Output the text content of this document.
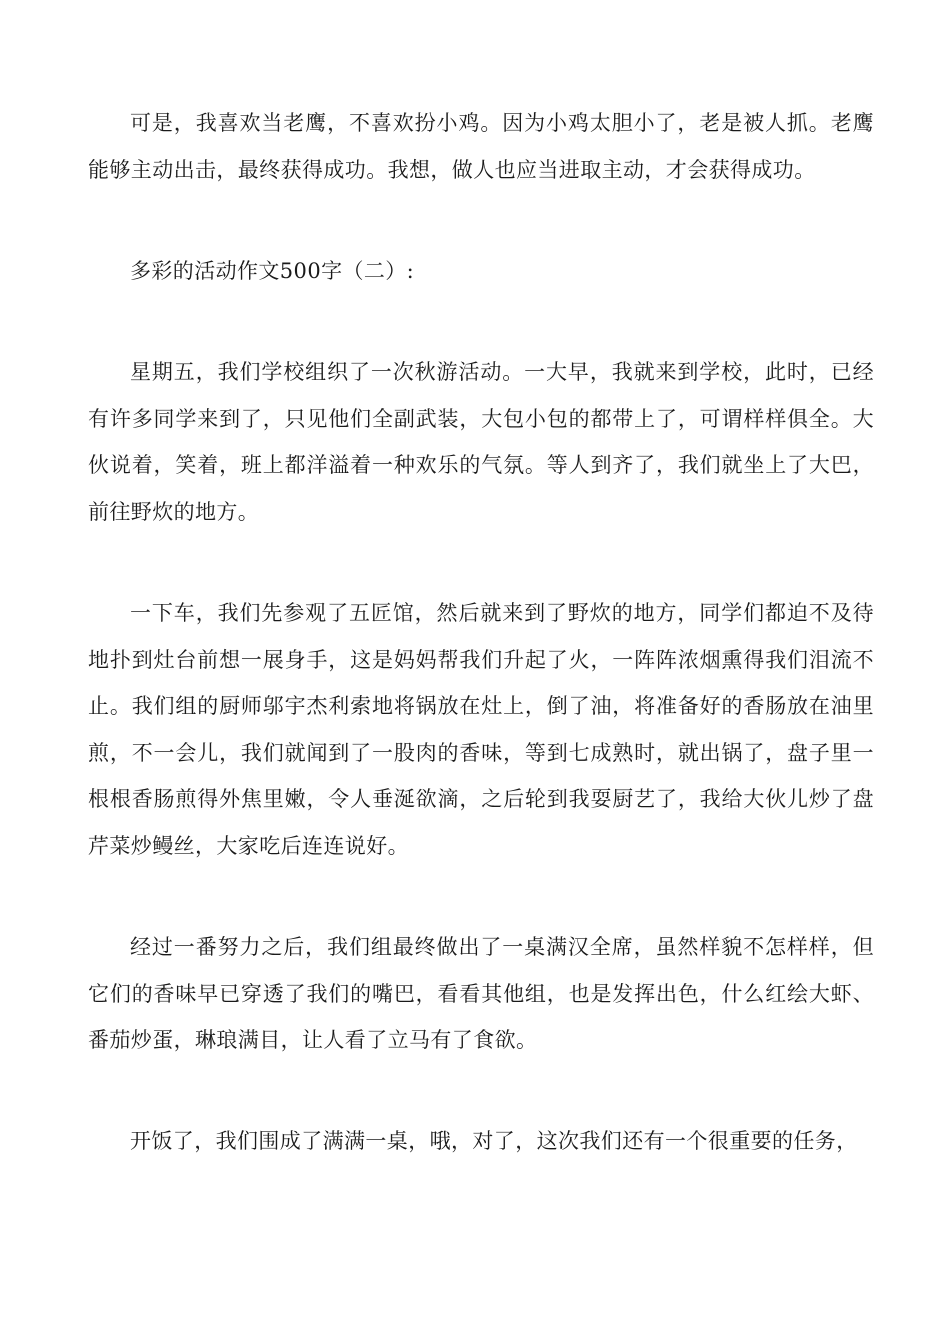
可是，我喜欢当老鹰，不喜欢扮小鸡。因为小鸡太胆小了，老是被人抓。老鹰能够主动出击，最终获得成功。我想，做人也应当进取主动，才会获得成功。

多彩的活动作文500字（二）:

星期五，我们学校组织了一次秋游活动。一大早，我就来到学校，此时，已经有许多同学来到了，只见他们全副武装，大包小包的都带上了，可谓样样俱全。大伙说着，笑着，班上都洋溢着一种欢乐的气氛。等人到齐了，我们就坐上了大巴，前往野炊的地方。

一下车，我们先参观了五匠馆，然后就来到了野炊的地方，同学们都迫不及待地扑到灶台前想一展身手，这是妈妈帮我们升起了火，一阵阵浓烟熏得我们泪流不止。我们组的厨师邬宇杰利索地将锅放在灶上，倒了油，将准备好的香肠放在油里煎，不一会儿，我们就闻到了一股肉的香味，等到七成熟时，就出锅了，盘子里一根根香肠煎得外焦里嫩，令人垂涎欲滴，之后轮到我耍厨艺了，我给大伙儿炒了盘芹菜炒鳗丝，大家吃后连连说好。

经过一番努力之后，我们组最终做出了一桌满汉全席，虽然样貌不怎样样，但它们的香味早已穿透了我们的嘴巴，看看其他组，也是发挥出色，什么红绘大虾、番茄炒蛋，琳琅满目，让人看了立马有了食欲。

开饭了，我们围成了满满一桌，哦，对了，这次我们还有一个很重要的任务，
